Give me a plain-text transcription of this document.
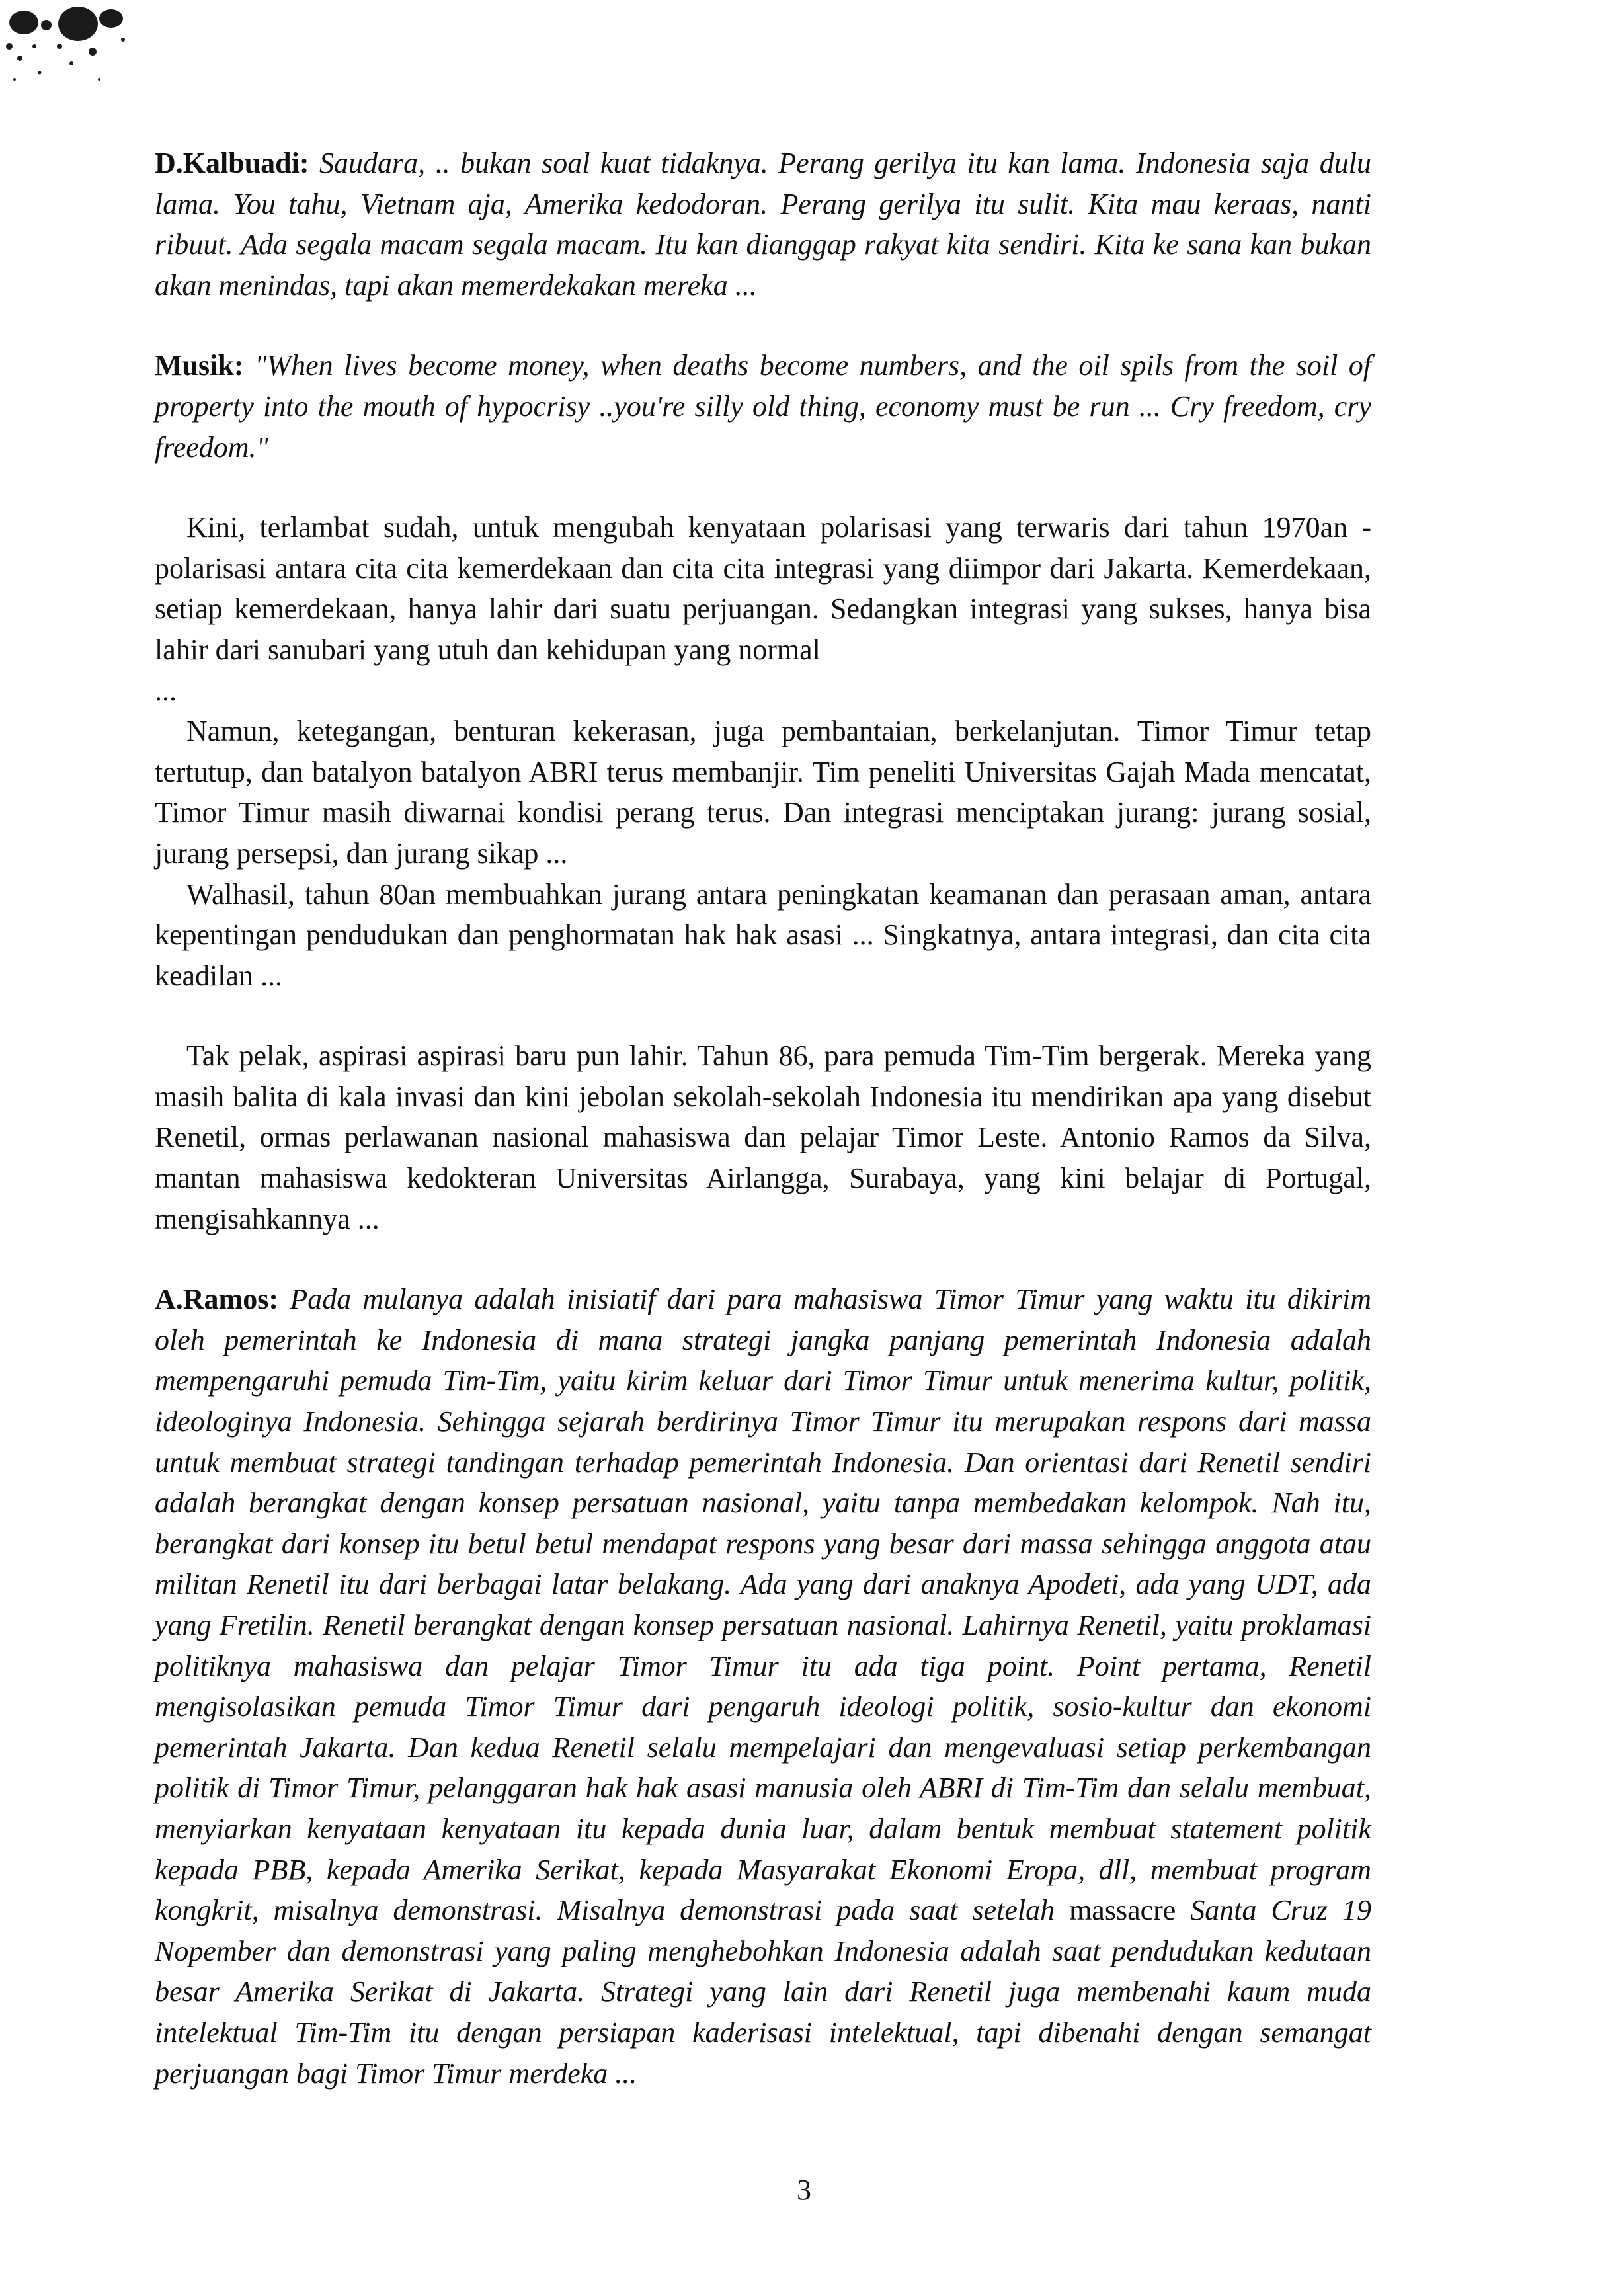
D.Kalbuadi: Saudara, .. bukan soal kuat tidaknya. Perang gerilya itu kan lama. Indonesia saja dulu lama. You tahu, Vietnam aja, Amerika kedodoran. Perang gerilya itu sulit. Kita mau keraas, nanti ribuut. Ada segala macam segala macam. Itu kan dianggap rakyat kita sendiri. Kita ke sana kan bukan akan menindas, tapi akan memerdekakan mereka ...

Musik: "When lives become money, when deaths become numbers, and the oil spils from the soil of property into the mouth of hypocrisy ..you're silly old thing, economy must be run ... Cry freedom, cry freedom."

Kini, terlambat sudah, untuk mengubah kenyataan polarisasi yang terwaris dari tahun 1970an - polarisasi antara cita cita kemerdekaan dan cita cita integrasi yang diimpor dari Jakarta. Kemerdekaan, setiap kemerdekaan, hanya lahir dari suatu perjuangan. Sedangkan integrasi yang sukses, hanya bisa lahir dari sanubari yang utuh dan kehidupan yang normal

...

Namun, ketegangan, benturan kekerasan, juga pembantaian, berkelanjutan. Timor Timur tetap tertutup, dan batalyon batalyon ABRI terus membanjir. Tim peneliti Universitas Gajah Mada mencatat, Timor Timur masih diwarnai kondisi perang terus. Dan integrasi menciptakan jurang: jurang sosial, jurang persepsi, dan jurang sikap ...

Walhasil, tahun 80an membuahkan jurang antara peningkatan keamanan dan perasaan aman, antara kepentingan pendudukan dan penghormatan hak hak asasi ... Singkatnya, antara integrasi, dan cita cita keadilan ...

Tak pelak, aspirasi aspirasi baru pun lahir. Tahun 86, para pemuda Tim-Tim bergerak. Mereka yang masih balita di kala invasi dan kini jebolan sekolah-sekolah Indonesia itu mendirikan apa yang disebut Renetil, ormas perlawanan nasional mahasiswa dan pelajar Timor Leste. Antonio Ramos da Silva, mantan mahasiswa kedokteran Universitas Airlangga, Surabaya, yang kini belajar di Portugal, mengisahkannya ...

A.Ramos: Pada mulanya adalah inisiatif dari para mahasiswa Timor Timur yang waktu itu dikirim oleh pemerintah ke Indonesia di mana strategi jangka panjang pemerintah Indonesia adalah mempengaruhi pemuda Tim-Tim, yaitu kirim keluar dari Timor Timur untuk menerima kultur, politik, ideologinya Indonesia. Sehingga sejarah berdirinya Timor Timur itu merupakan respons dari massa untuk membuat strategi tandingan terhadap pemerintah Indonesia. Dan orientasi dari Renetil sendiri adalah berangkat dengan konsep persatuan nasional, yaitu tanpa membedakan kelompok. Nah itu, berangkat dari konsep itu betul betul mendapat respons yang besar dari massa sehingga anggota atau militan Renetil itu dari berbagai latar belakang. Ada yang dari anaknya Apodeti, ada yang UDT, ada yang Fretilin. Renetil berangkat dengan konsep persatuan nasional. Lahirnya Renetil, yaitu proklamasi politiknya mahasiswa dan pelajar Timor Timur itu ada tiga point. Point pertama, Renetil mengisolasikan pemuda Timor Timur dari pengaruh ideologi politik, sosio-kultur dan ekonomi pemerintah Jakarta. Dan kedua Renetil selalu mempelajari dan mengevaluasi setiap perkembangan politik di Timor Timur, pelanggaran hak hak asasi manusia oleh ABRI di Tim-Tim dan selalu membuat, menyiarkan kenyataan kenyataan itu kepada dunia luar, dalam bentuk membuat statement politik kepada PBB, kepada Amerika Serikat, kepada Masyarakat Ekonomi Eropa, dll, membuat program kongkrit, misalnya demonstrasi. Misalnya demonstrasi pada saat setelah massacre Santa Cruz 19 Nopember dan demonstrasi yang paling menghebohkan Indonesia adalah saat pendudukan kedutaan besar Amerika Serikat di Jakarta. Strategi yang lain dari Renetil juga membenahi kaum muda intelektual Tim-Tim itu dengan persiapan kaderisasi intelektual, tapi dibenahi dengan semangat perjuangan bagi Timor Timur merdeka ...

3
